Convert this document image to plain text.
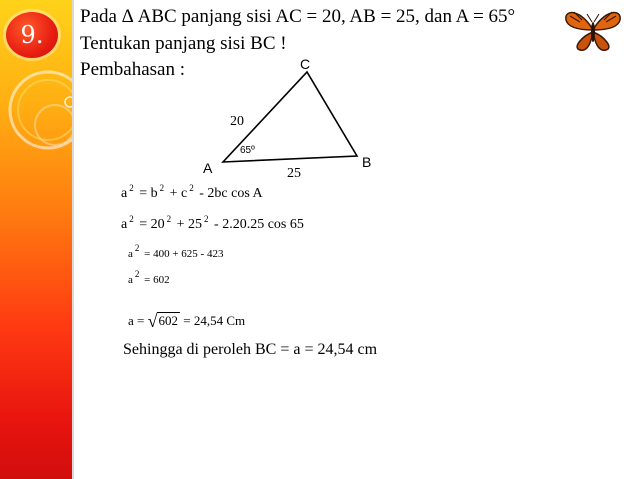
9.
Pada Δ ABC panjang sisi AC = 20, AB = 25, dan A = 65°
Tentukan panjang sisi BC !
Pembahasan :	C
A	B
20
25
65º
a $^2$ = b $^2$ + c $^2$ - 2bc cos A
a $^2$ = 20 $^2$ + 25 $^2$ - 2.20.25 cos 65
a $^2$ = 400 + 625 - 423
a $^2$ = 602
a = √602 = 24,54 Cm
Sehingga di peroleh BC = a = 24,54 cm
